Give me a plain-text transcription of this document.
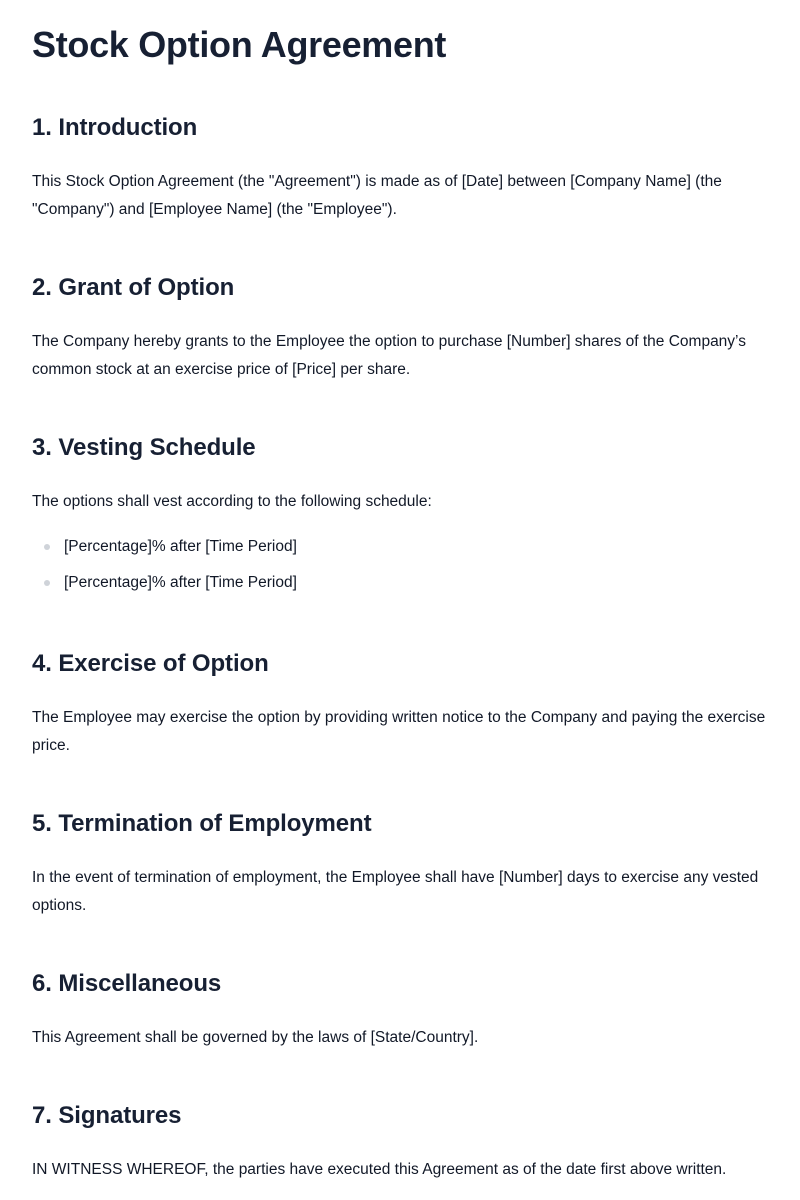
Stock Option Agreement
1. Introduction

This Stock Option Agreement (the "Agreement") is made as of [Date] between [Company Name] (the "Company") and [Employee Name] (the "Employee").

2. Grant of Option

The Company hereby grants to the Employee the option to purchase [Number] shares of the Company’s common stock at an exercise price of [Price] per share.

3. Vesting Schedule

The options shall vest according to the following schedule:

[Percentage]% after [Time Period]
[Percentage]% after [Time Period]
4. Exercise of Option

The Employee may exercise the option by providing written notice to the Company and paying the exercise price.

5. Termination of Employment

In the event of termination of employment, the Employee shall have [Number] days to exercise any vested options.

6. Miscellaneous

This Agreement shall be governed by the laws of [State/Country].

7. Signatures

IN WITNESS WHEREOF, the parties have executed this Agreement as of the date first above written.
